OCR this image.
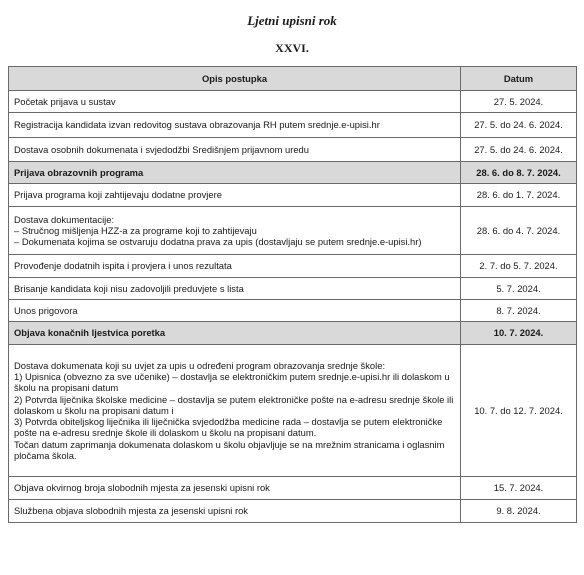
Ljetni upisni rok
XXVI.
Opis postupka	Datum

Početak prijava u sustav	27. 5. 2024.

Registracija kandidata izvan redovitog sustava obrazovanja RH putem srednje.e-upisi.hr	27. 5. do 24. 6. 2024.

Dostava osobnih dokumenata i svjedodžbi Središnjem prijavnom uredu	27. 5. do 24. 6. 2024.

Prijava obrazovnih programa	28. 6. do 8. 7. 2024.

Prijava programa koji zahtijevaju dodatne provjere	28. 6. do 1. 7. 2024.

Dostava dokumentacije:
– Stručnog mišljenja HZZ-a za programe koji to zahtijevaju
– Dokumenata kojima se ostvaruju dodatna prava za upis (dostavljaju se putem srednje.e-upisi.hr)	28. 6. do 4. 7. 2024.

Provođenje dodatnih ispita i provjera i unos rezultata	2. 7. do 5. 7. 2024.

Brisanje kandidata koji nisu zadovoljili preduvjete s lista	5. 7. 2024.

Unos prigovora	8. 7. 2024.

Objava konačnih ljestvica poretka	10. 7. 2024.

Dostava dokumenata koji su uvjet za upis u određeni program obrazovanja srednje škole:
1) Upisnica (obvezno za sve učenike) – dostavlja se elektroničkim putem srednje.e-upisi.hr ili dolaskom u školu na propisani datum
2) Potvrda liječnika školske medicine – dostavlja se putem elektroničke pošte na e-adresu srednje škole ili dolaskom u školu na propisani datum i
3) Potvrda obiteljskog liječnika ili liječnička svjedodžba medicine rada – dostavlja se putem elektroničke pošte na e-adresu srednje škole ili dolaskom u školu na propisani datum.
Točan datum zaprimanja dokumenata dolaskom u školu objavljuje se na mrežnim stranicama i oglasnim pločama škola.	10. 7. do 12. 7. 2024.

Objava okvirnog broja slobodnih mjesta za jesenski upisni rok	15. 7. 2024.

Službena objava slobodnih mjesta za jesenski upisni rok	9. 8. 2024.
